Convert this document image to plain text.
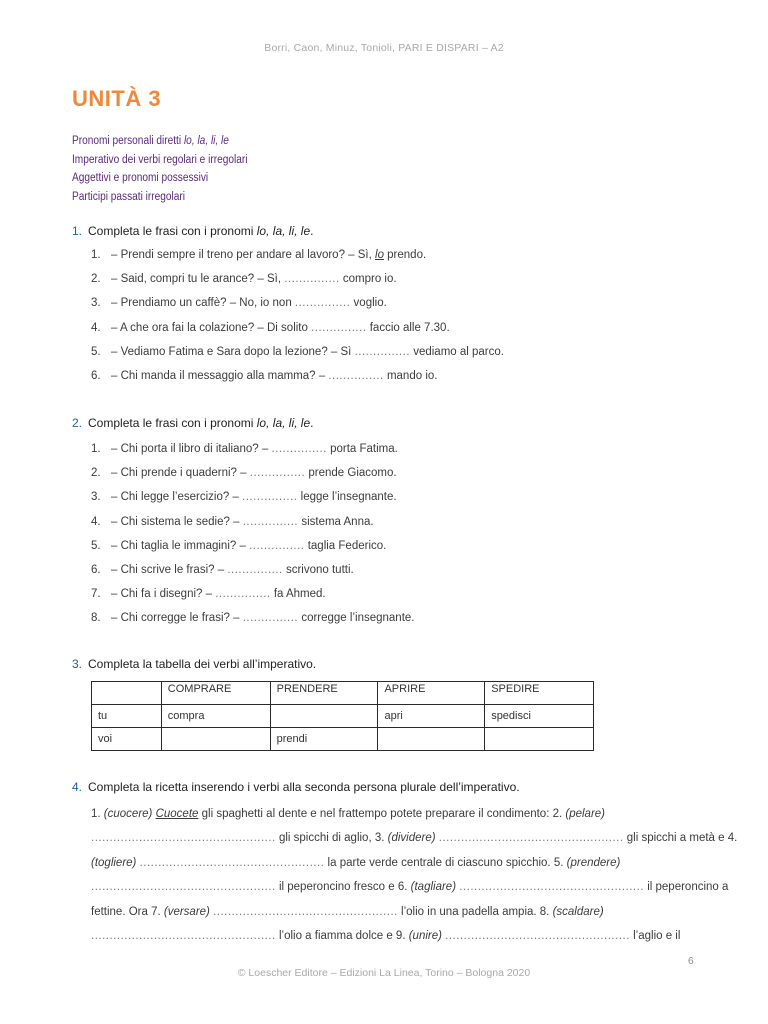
Borri, Caon, Minuz, Tonioli, PARI E DISPARI – A2
UNITÀ 3
Pronomi personali diretti lo, la, li, le
Imperativo dei verbi regolari e irregolari
Aggettivi e pronomi possessivi
Participi passati irregolari
1. Completa le frasi con i pronomi lo, la, li, le.
1. – Prendi sempre il treno per andare al lavoro? – Sì, lo prendo.
2. – Said, compri tu le arance? – Sì, ............... compro io.
3. – Prendiamo un caffè? – No, io non ............... voglio.
4. – A che ora fai la colazione? – Di solito ............... faccio alle 7.30.
5. – Vediamo Fatima e Sara dopo la lezione? – Sì ............... vediamo al parco.
6. – Chi manda il messaggio alla mamma? – ............... mando io.
2. Completa le frasi con i pronomi lo, la, li, le.
1. – Chi porta il libro di italiano? – ............... porta Fatima.
2. – Chi prende i quaderni? – ............... prende Giacomo.
3. – Chi legge l’esercizio? – ............... legge l’insegnante.
4. – Chi sistema le sedie? – ............... sistema Anna.
5. – Chi taglia le immagini? – ............... taglia Federico.
6. – Chi scrive le frasi? – ............... scrivono tutti.
7. – Chi fa i disegni? – ............... fa Ahmed.
8. – Chi corregge le frasi? – ............... corregge l’insegnante.
3. Completa la tabella dei verbi all’imperativo.
	COMPRARE	PRENDERE	APRIRE	SPEDIRE
tu	compra		apri	spedisci
voi		prendi		
4. Completa la ricetta inserendo i verbi alla seconda persona plurale dell’imperativo.
1. (cuocere) Cuocete gli spaghetti al dente e nel frattempo potete preparare il condimento: 2. (pelare)
.................................................. gli spicchi di aglio, 3. (dividere) .................................................. gli spicchi a metà e 4.
(togliere) .................................................. la parte verde centrale di ciascuno spicchio. 5. (prendere)
.................................................. il peperoncino fresco e 6. (tagliare) .................................................. il peperoncino a
fettine. Ora 7. (versare) .................................................. l’olio in una padella ampia. 8. (scaldare)
.................................................. l’olio a fiamma dolce e 9. (unire) .................................................. l’aglio e il
6
© Loescher Editore – Edizioni La Linea, Torino – Bologna 2020
